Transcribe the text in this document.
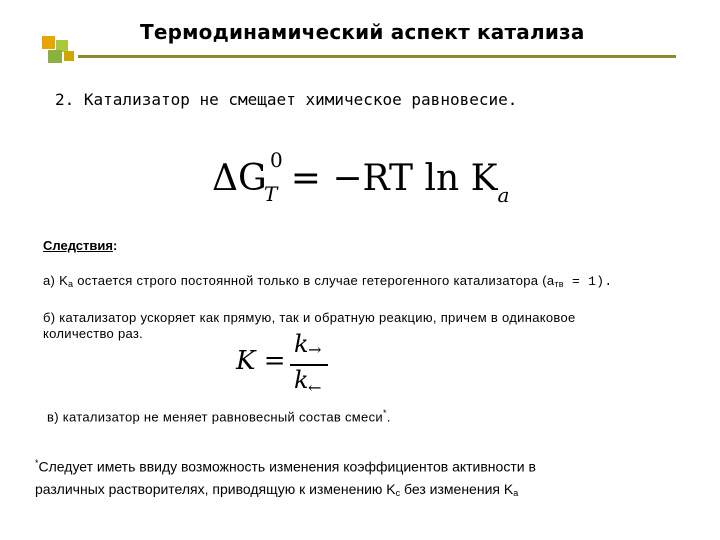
Термодинамический аспект катализа
2. Катализатор не смещает химическое равновесие.
ΔG 0
T = −RT $\ln K_a$
Следствия:
а) $K_a$ остается строго постоянной только в случае гетерогенного катализатора $(a_{тв} = 1)$.
б) катализатор ускоряет как прямую, так и обратную реакцию, причем в одинаковое
количество раз.
K =
k →
k ←
в) катализатор не меняет равновесный состав смеси*.
*Следует иметь ввиду возможность изменения коэффициентов активности в
различных растворителях, приводящую к изменению $K_c$ без изменения $K_a$
